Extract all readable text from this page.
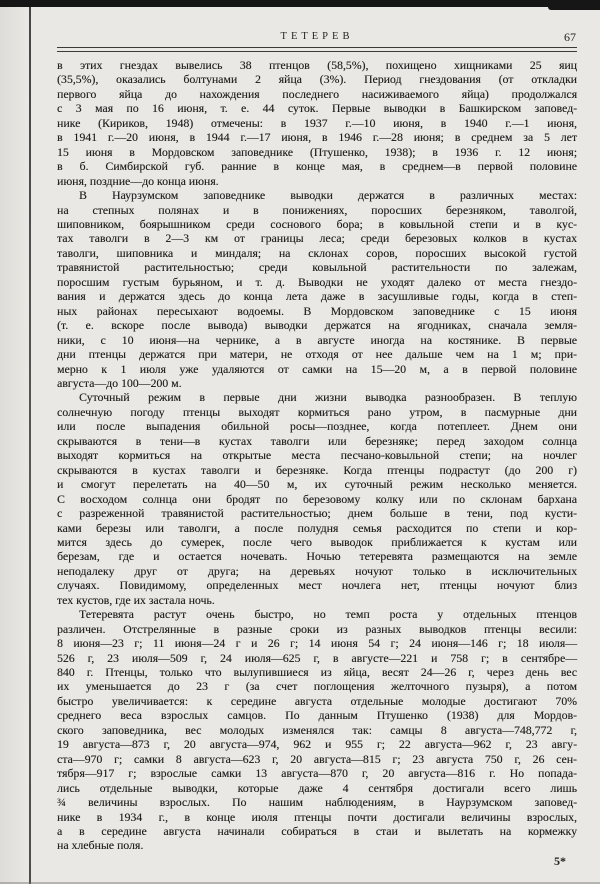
ТЕТЕРЕВ	67
в этих гнездах вывелись 38 птенцов (58,5%), похищено хищниками 25 яиц
(35,5%), оказались болтунами 2 яйца (3%). Период гнездования (от откладки
первого яйца до нахождения последнего насиживаемого яйца) продолжался
с 3 мая по 16 июня, т. е. 44 суток. Первые выводки в Башкирском заповед-
нике (Кириков, 1948) отмечены: в 1937 г.—10 июня, в 1940 г.—1 июня,
в 1941 г.—20 июня, в 1944 г.—17 июня, в 1946 г.—28 июня; в среднем за 5 лет
15 июня в Мордовском заповеднике (Птушенко, 1938); в 1936 г. 12 июня;
в б. Симбирской губ. ранние в конце мая, в среднем—в первой половине
июня, поздние—до конца июня.
В Наурзумском заповеднике выводки держатся в различных местах:
на степных полянах и в понижениях, поросших березняком, таволгой,
шиповником, боярышником среди соснового бора; в ковыльной степи и в кус-
тах таволги в 2—3 км от границы леса; среди березовых колков в кустах
таволги, шиповника и миндаля; на склонах соров, поросших высокой густой
травянистой растительностью; среди ковыльной растительности по залежам,
поросшим густым бурьяном, и т. д. Выводки не уходят далеко от места гнездо-
вания и держатся здесь до конца лета даже в засушливые годы, когда в степ-
ных районах пересыхают водоемы. В Мордовском заповеднике с 15 июня
(т. е. вскоре после вывода) выводки держатся на ягодниках, сначала земля-
ники, с 10 июня—на чернике, а в августе иногда на костянике. В первые
дни птенцы держатся при матери, не отходя от нее дальше чем на 1 м; при-
мерно к 1 июля уже удаляются от самки на 15—20 м, а в первой половине
августа—до 100—200 м.
Суточный режим в первые дни жизни выводка разнообразен. В теплую
солнечную погоду птенцы выходят кормиться рано утром, в пасмурные дни
или после выпадения обильной росы—позднее, когда потеплеет. Днем они
скрываются в тени—в кустах таволги или березняке; перед заходом солнца
выходят кормиться на открытые места песчано-ковыльной степи; на ночлег
скрываются в кустах таволги и березняке. Когда птенцы подрастут (до 200 г)
и смогут перелетать на 40—50 м, их суточный режим несколько меняется.
С восходом солнца они бродят по березовому колку или по склонам бархана
с разреженной травянистой растительностью; днем больше в тени, под кусти-
ками березы или таволги, а после полудня семья расходится по степи и кор-
мится здесь до сумерек, после чего выводок приближается к кустам или
березам, где и остается ночевать. Ночью тетеревята размещаются на земле
неподалеку друг от друга; на деревьях ночуют только в исключительных
случаях. Повидимому, определенных мест ночлега нет, птенцы ночуют близ
тех кустов, где их застала ночь.
Тетеревята растут очень быстро, но темп роста у отдельных птенцов
различен. Отстрелянные в разные сроки из разных выводков птенцы весили:
8 июня—23 г; 11 июня—24 г и 26 г; 14 июня 54 г; 24 июня—146 г; 18 июля—
526 г, 23 июля—509 г, 24 июля—625 г, в августе—221 и 758 г; в сентябре—
840 г. Птенцы, только что вылупившиеся из яйца, весят 24—26 г, через день вес
их уменьшается до 23 г (за счет поглощения желточного пузыря), а потом
быстро увеличивается: к середине августа отдельные молодые достигают 70%
среднего веса взрослых самцов. По данным Птушенко (1938) для Мордов-
ского заповедника, вес молодых изменялся так: самцы 8 августа—748,772 г,
19 августа—873 г, 20 августа—974, 962 и 955 г; 22 августа—962 г, 23 авгу-
ста—970 г; самки 8 августа—623 г, 20 августа—815 г; 23 августа 750 г, 26 сен-
тября—917 г; взрослые самки 13 августа—870 г, 20 августа—816 г. Но попада-
лись отдельные выводки, которые даже 4 сентября достигали всего лишь
¾ величины взрослых. По нашим наблюдениям, в Наурзумском заповед-
нике в 1934 г., в конце июля птенцы почти достигали величины взрослых,
а в середине августа начинали собираться в стаи и вылетать на кормежку
на хлебные поля.
5*
